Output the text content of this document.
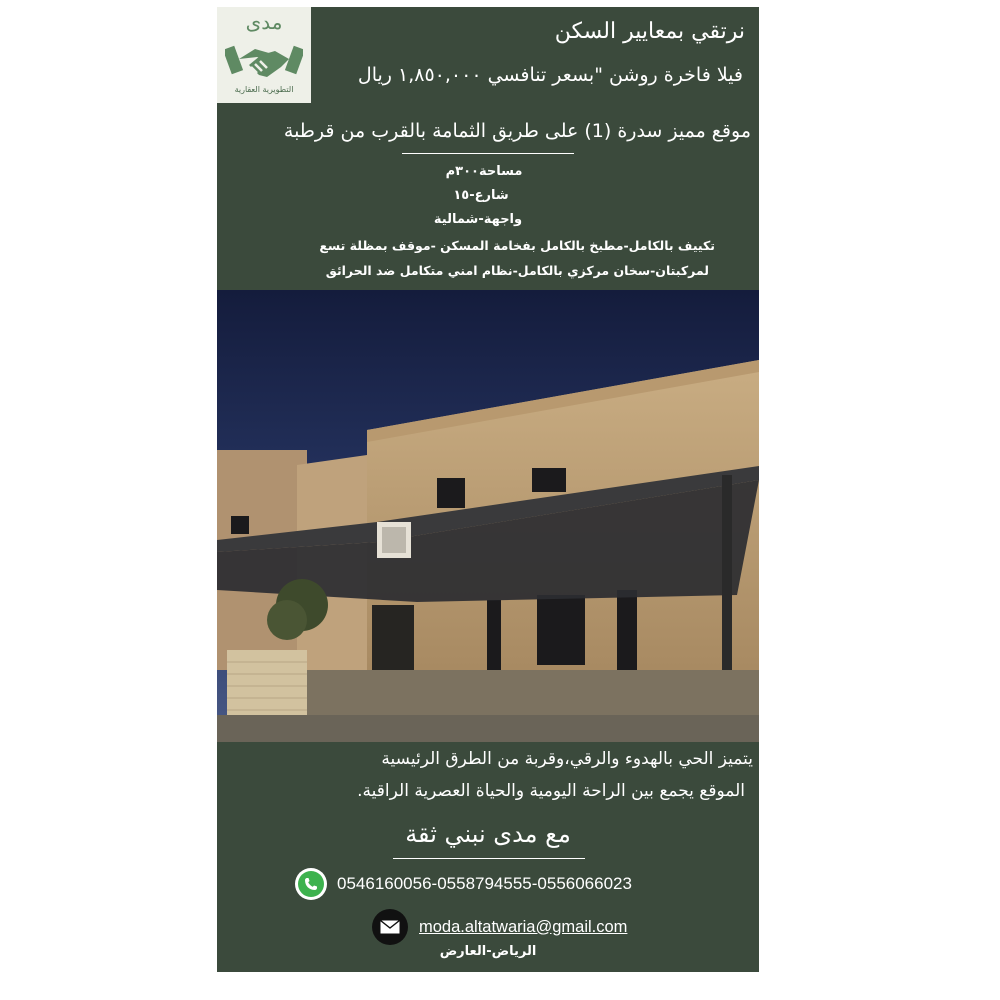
مدى
التطويرية العقارية
نرتقي بمعايير السكن
فيلا فاخرة روشن "بسعر تنافسي ١,٨٥٠,٠٠٠ ريال
موقع مميز سدرة (1) على طريق الثمامة بالقرب من قرطبة
مساحة٣٠٠م
شارع-١٥
واجهة-شمالية
تكييف بالكامل-مطبخ بالكامل بفخامة المسكن -موقف بمظلة تسع
لمركبتان-سخان مركزي بالكامل-نظام امني متكامل ضد الحرائق
يتميز الحي بالهدوء والرقي،وقربة من الطرق الرئيسية
الموقع يجمع بين الراحة اليومية والحياة العصرية الراقية.
مع مدى نبني ثقة
0546160056-0558794555-0556066023
moda.altatwaria@gmail.com
الرياض-العارض
